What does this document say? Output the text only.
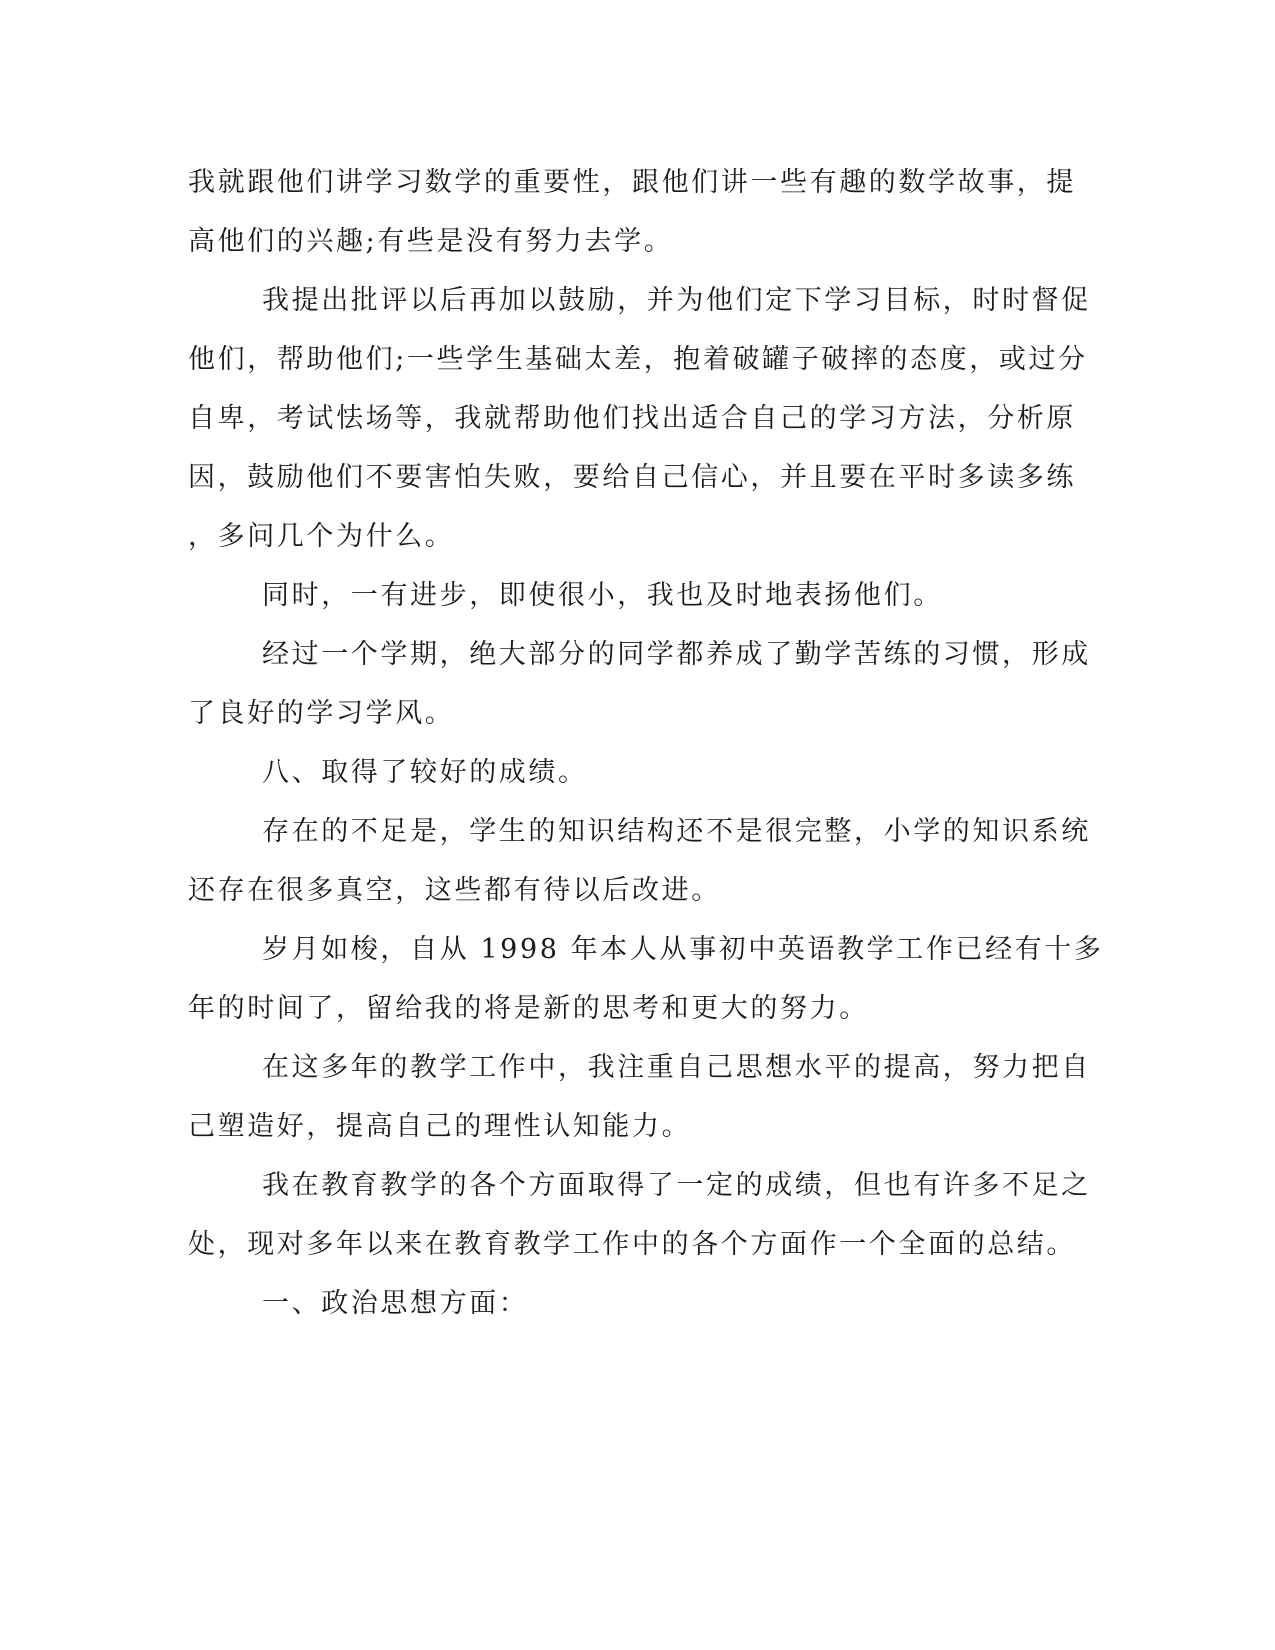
我就跟他们讲学习数学的重要性，跟他们讲一些有趣的数学故事，提
高他们的兴趣;有些是没有努力去学。
我提出批评以后再加以鼓励，并为他们定下学习目标，时时督促
他们，帮助他们;一些学生基础太差，抱着破罐子破摔的态度，或过分
自卑，考试怯场等，我就帮助他们找出适合自己的学习方法，分析原
因，鼓励他们不要害怕失败，要给自己信心，并且要在平时多读多练
，多问几个为什么。
同时，一有进步，即使很小，我也及时地表扬他们。
经过一个学期，绝大部分的同学都养成了勤学苦练的习惯，形成
了良好的学习学风。
八、取得了较好的成绩。
存在的不足是，学生的知识结构还不是很完整，小学的知识系统
还存在很多真空，这些都有待以后改进。
岁月如梭，自从 1998 年本人从事初中英语教学工作已经有十多
年的时间了，留给我的将是新的思考和更大的努力。
在这多年的教学工作中，我注重自己思想水平的提高，努力把自
己塑造好，提高自己的理性认知能力。
我在教育教学的各个方面取得了一定的成绩，但也有许多不足之
处，现对多年以来在教育教学工作中的各个方面作一个全面的总结。
一、政治思想方面：
